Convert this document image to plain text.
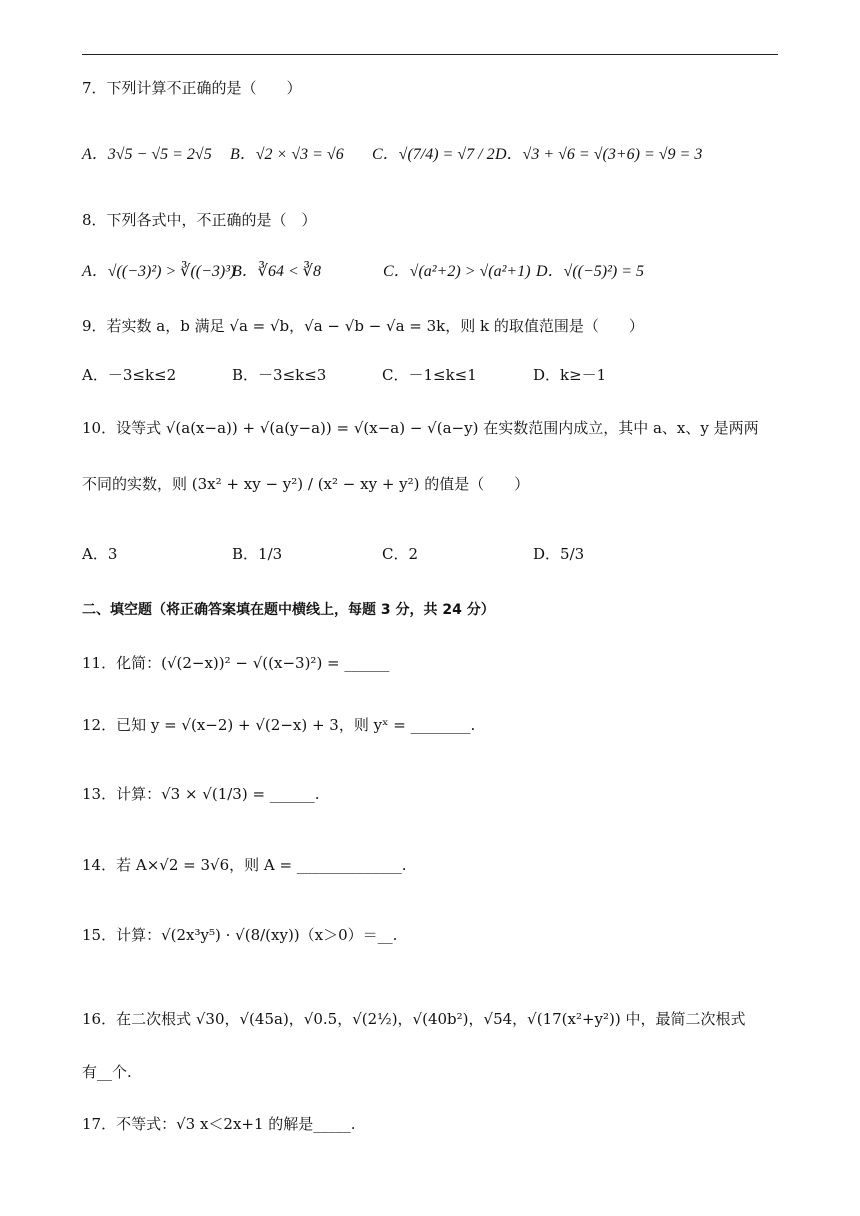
7．下列计算不正确的是（　　）
A．3√5 − √5 = 2√5 B．√2 × √3 = √6 C．√(7/4) = √7 / 2 D．√3 + √6 = √(3+6) = √9 = 3
8．下列各式中，不正确的是（　）
A．√((−3)²) > ∛((−3)³)
B．∛64 < ∛8	C．√(a²+2) > √(a²+1) D．√((−5)²) = 5
9．若实数 a，b 满足 √a = √b，√a − √b − √a = 3k，则 k 的取值范围是（　　）
A．－3≤k≤2	B．－3≤k≤3	C．－1≤k≤1	D．k≥－1
10．设等式 √(a(x−a)) + √(a(y−a)) = √(x−a) − √(a−y) 在实数范围内成立，其中 a、x、y 是两两
不同的实数，则 (3x² + xy − y²) / (x² − xy + y²) 的值是（　　）
A．3	B．1/3	C．2	D．5/3
二、填空题（将正确答案填在题中横线上，每题 3 分，共 24 分）
11．化简：(√(2−x))² − √((x−3)²) = ______
12．已知 y = √(x−2) + √(2−x) + 3，则 yˣ = ________.
13．计算：√3 × √(1/3) = ______.
14．若 A×√2 = 3√6，则 A = ______________.
15．计算：√(2x³y⁵) · √(8/(xy))（x＞0）＝__.
16．在二次根式 √30，√(45a)，√0.5，√(2½)，√(40b²)，√54，√(17(x²+y²)) 中，最简二次根式
有__个.
17．不等式：√3 x＜2x+1 的解是_____.
